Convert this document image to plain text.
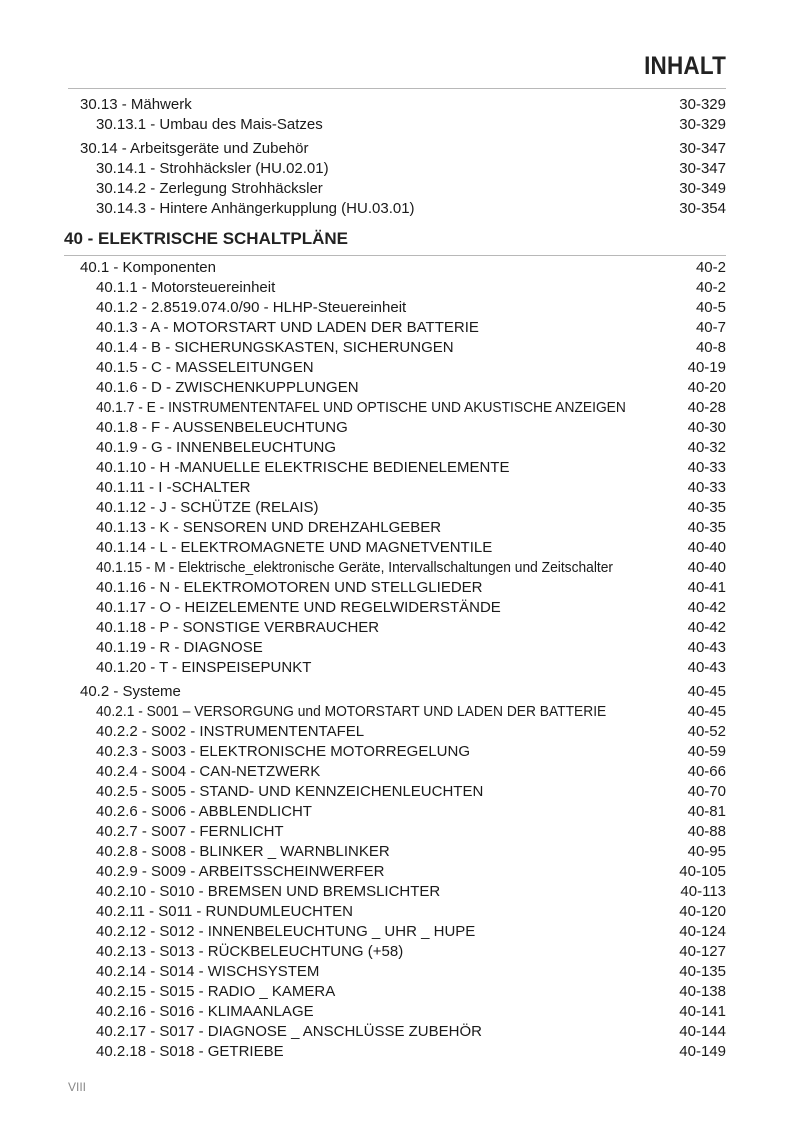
INHALT
30.13 - Mähwerk	30-329
30.13.1 - Umbau des Mais-Satzes	30-329
30.14 - Arbeitsgeräte und Zubehör	30-347
30.14.1 - Strohhäcksler (HU.02.01)	30-347
30.14.2 - Zerlegung Strohhäcksler	30-349
30.14.3 - Hintere Anhängerkupplung (HU.03.01)	30-354
40 - ELEKTRISCHE SCHALTPLÄNE
40.1 - Komponenten	40-2
40.1.1 - Motorsteuereinheit	40-2
40.1.2 - 2.8519.074.0/90 - HLHP-Steuereinheit	40-5
40.1.3 - A - MOTORSTART UND LADEN DER BATTERIE	40-7
40.1.4 - B - SICHERUNGSKASTEN, SICHERUNGEN	40-8
40.1.5 - C - MASSELEITUNGEN	40-19
40.1.6 - D - ZWISCHENKUPPLUNGEN	40-20
40.1.7 - E - INSTRUMENTENTAFEL UND OPTISCHE UND AKUSTISCHE ANZEIGEN	40-28
40.1.8 - F - AUSSENBELEUCHTUNG	40-30
40.1.9 - G - INNENBELEUCHTUNG	40-32
40.1.10 - H -MANUELLE ELEKTRISCHE BEDIENELEMENTE	40-33
40.1.11 - I -SCHALTER	40-33
40.1.12 - J - SCHÜTZE (RELAIS)	40-35
40.1.13 - K - SENSOREN UND DREHZAHLGEBER	40-35
40.1.14 - L - ELEKTROMAGNETE UND MAGNETVENTILE	40-40
40.1.15 - M - Elektrische_elektronische Geräte, Intervallschaltungen und Zeitschalter	40-40
40.1.16 - N - ELEKTROMOTOREN UND STELLGLIEDER	40-41
40.1.17 - O - HEIZELEMENTE UND REGELWIDERSTÄNDE	40-42
40.1.18 - P - SONSTIGE VERBRAUCHER	40-42
40.1.19 - R - DIAGNOSE	40-43
40.1.20 - T - EINSPEISEPUNKT	40-43
40.2 - Systeme	40-45
40.2.1 - S001 – VERSORGUNG und MOTORSTART UND LADEN DER BATTERIE	40-45
40.2.2 - S002 - INSTRUMENTENTAFEL	40-52
40.2.3 - S003 - ELEKTRONISCHE MOTORREGELUNG	40-59
40.2.4 - S004 - CAN-NETZWERK	40-66
40.2.5 - S005 - STAND- UND KENNZEICHENLEUCHTEN	40-70
40.2.6 - S006 - ABBLENDLICHT	40-81
40.2.7 - S007 - FERNLICHT	40-88
40.2.8 - S008 - BLINKER _ WARNBLINKER	40-95
40.2.9 - S009 - ARBEITSSCHEINWERFER	40-105
40.2.10 - S010 - BREMSEN UND BREMSLICHTER	40-113
40.2.11 - S011 - RUNDUMLEUCHTEN	40-120
40.2.12 - S012 - INNENBELEUCHTUNG _ UHR _ HUPE	40-124
40.2.13 - S013 - RÜCKBELEUCHTUNG (+58)	40-127
40.2.14 - S014 - WISCHSYSTEM	40-135
40.2.15 - S015 - RADIO _ KAMERA	40-138
40.2.16 - S016 - KLIMAANLAGE	40-141
40.2.17 - S017 - DIAGNOSE _ ANSCHLÜSSE ZUBEHÖR	40-144
40.2.18 - S018 - GETRIEBE	40-149
VIII
